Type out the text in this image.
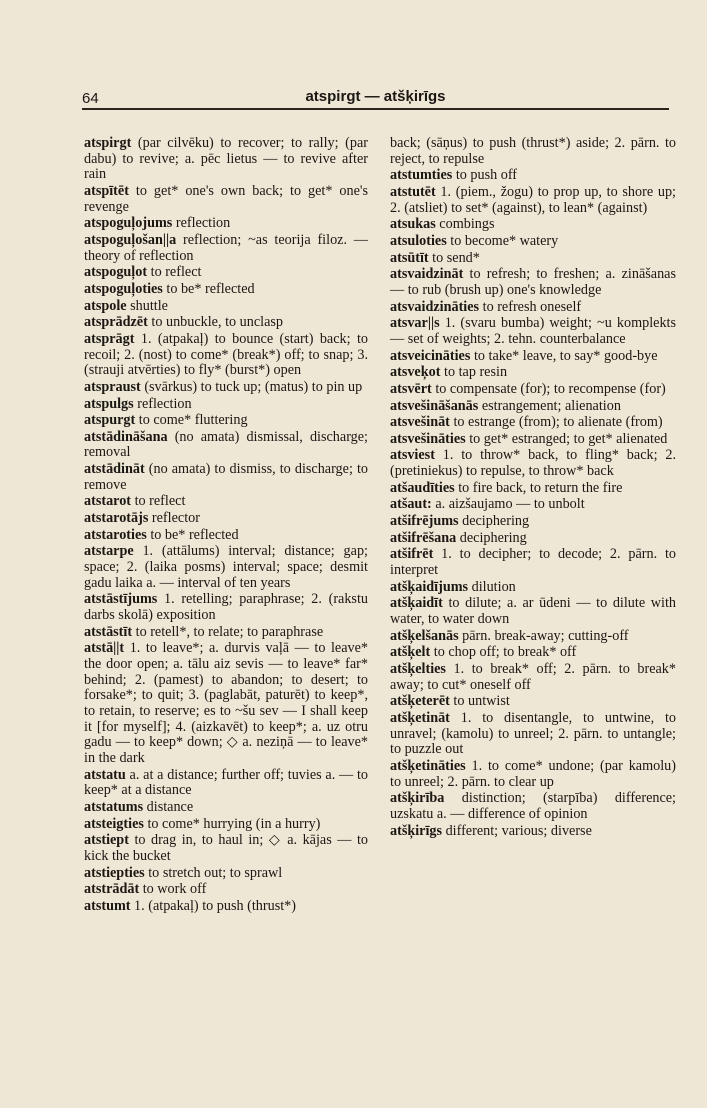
64	atspirgt — atšķirīgs

atspirgt (par cilvēku) to recover; to rally; (par dabu) to revive; a. pēc lietus — to revive after rain

atspītēt to get* one's own back; to get* one's revenge

atspoguļojums reflection

atspoguļošan||a reflection; ~as teorija filoz. — theory of reflection

atspoguļot to reflect

atspoguļoties to be* reflected

atspole shuttle

atsprādzēt to unbuckle, to unclasp

atsprāgt 1. (atpakaļ) to bounce (start) back; to recoil; 2. (nost) to come* (break*) off; to snap; 3. (strauji atvērties) to fly* (burst*) open

atspraust (svārkus) to tuck up; (matus) to pin up

atspulgs reflection

atspurgt to come* fluttering

atstādināšana (no amata) dismissal, discharge; removal

atstādināt (no amata) to dismiss, to discharge; to remove

atstarot to reflect

atstarotājs reflector

atstaroties to be* reflected

atstarpe 1. (attālums) interval; distance; gap; space; 2. (laika posms) interval; space; desmit gadu laika a. — interval of ten years

atstāstījums 1. retelling; paraphrase; 2. (rakstu darbs skolā) exposition

atstāstīt to retell*, to relate; to paraphrase

atstā||t 1. to leave*; a. durvis vaļā — to leave* the door open; a. tālu aiz sevis — to leave* far* behind; 2. (pamest) to abandon; to desert; to forsake*; to quit; 3. (paglabāt, paturēt) to keep*, to retain, to reserve; es to ~šu sev — I shall keep it [for myself]; 4. (aizkavēt) to keep*; a. uz otru gadu — to keep* down; ◇ a. neziņā — to leave* in the dark

atstatu a. at a distance; further off; tuvies a. — to keep* at a distance

atstatums distance

atsteigties to come* hurrying (in a hurry)

atstiept to drag in, to haul in; ◇ a. kājas — to kick the bucket

atstiepties to stretch out; to sprawl

atstrādāt to work off

atstumt 1. (atpakaļ) to push (thrust*)

back; (sāņus) to push (thrust*) aside; 2. pārn. to reject, to repulse

atstumties to push off

atstutēt 1. (piem., žogu) to prop up, to shore up; 2. (atsliet) to set* (against), to lean* (against)

atsukas combings

atsuloties to become* watery

atsūtīt to send*

atsvaidzināt to refresh; to freshen; a. zināšanas — to rub (brush up) one's knowledge

atsvaidzināties to refresh oneself

atsvar||s 1. (svaru bumba) weight; ~u komplekts — set of weights; 2. tehn. counterbalance

atsveicināties to take* leave, to say* good-bye

atsveķot to tap resin

atsvērt to compensate (for); to recompense (for)

atsvešināšanās estrangement; alienation

atsvešināt to estrange (from); to alienate (from)

atsvešināties to get* estranged; to get* alienated

atsviest 1. to throw* back, to fling* back; 2. (pretiniekus) to repulse, to throw* back

atšaudīties to fire back, to return the fire

atšaut: a. aizšaujamo — to unbolt

atšifrējums deciphering

atšifrēšana deciphering

atšifrēt 1. to decipher; to decode; 2. pārn. to interpret

atšķaidījums dilution

atšķaidīt to dilute; a. ar ūdeni — to dilute with water, to water down

atšķelšanās pārn. break-away; cutting-off

atšķelt to chop off; to break* off

atšķelties 1. to break* off; 2. pārn. to break* away; to cut* oneself off

atšķeterēt to untwist

atšķetināt 1. to disentangle, to untwine, to unravel; (kamolu) to unreel; 2. pārn. to untangle; to puzzle out

atšķetināties 1. to come* undone; (par kamolu) to unreel; 2. pārn. to clear up

atšķirība distinction; (starpība) difference; uzskatu a. — difference of opinion

atšķirīgs different; various; diverse
